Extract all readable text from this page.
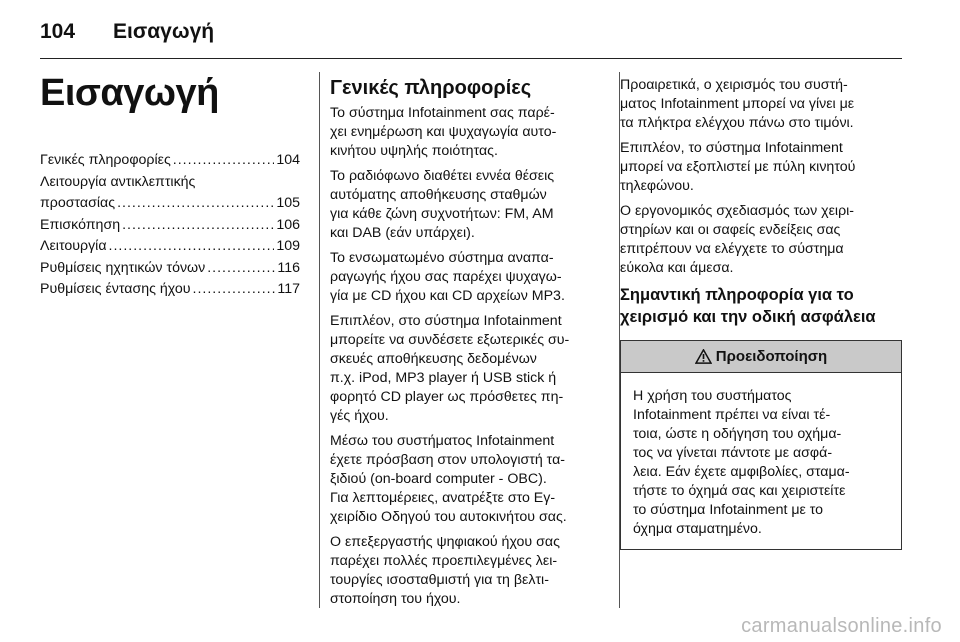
104 Εισαγωγή
Εισαγωγή
Γενικές πληροφορίες .....	104
Λειτουργία αντικλεπτικής
προστασίας .....	105
Επισκόπηση .....	106
Λειτουργία .....	109
Ρυθμίσεις ηχητικών τόνων .....	116
Ρυθμίσεις έντασης ήχου .....	117
Γενικές πληροφορίες
Το σύστημα Infotainment σας παρέ-
χει ενημέρωση και ψυχαγωγία αυτο-
κινήτου υψηλής ποιότητας.
Το ραδιόφωνο διαθέτει εννέα θέσεις
αυτόματης αποθήκευσης σταθμών
για κάθε ζώνη συχνοτήτων: FM, AM
και DAB (εάν υπάρχει).
Το ενσωματωμένο σύστημα αναπα-
ραγωγής ήχου σας παρέχει ψυχαγω-
γία με CD ήχου και CD αρχείων MP3.
Επιπλέον, στο σύστημα Infotainment
μπορείτε να συνδέσετε εξωτερικές συ-
σκευές αποθήκευσης δεδομένων
π.χ. iPod, MP3 player ή USB stick ή
φορητό CD player ως πρόσθετες πη-
γές ήχου.
Μέσω του συστήματος Infotainment
έχετε πρόσβαση στον υπολογιστή τα-
ξιδιού (on-board computer - OBC).
Για λεπτομέρειες, ανατρέξτε στο Εγ-
χειρίδιο Οδηγού του αυτοκινήτου σας.
Ο επεξεργαστής ψηφιακού ήχου σας
παρέχει πολλές προεπιλεγμένες λει-
τουργίες ισοσταθμιστή για τη βελτι-
στοποίηση του ήχου.
Προαιρετικά, ο χειρισμός του συστή-
ματος Infotainment μπορεί να γίνει με
τα πλήκτρα ελέγχου πάνω στο τιμόνι.
Επιπλέον, το σύστημα Infotainment
μπορεί να εξοπλιστεί με πύλη κινητού
τηλεφώνου.
Ο εργονομικός σχεδιασμός των χειρι-
στηρίων και οι σαφείς ενδείξεις σας
επιτρέπουν να ελέγχετε το σύστημα
εύκολα και άμεσα.
Σημαντική πληροφορία για το
χειρισμό και την οδική ασφάλεια
Προειδοποίηση
Η χρήση του συστήματος
Infotainment πρέπει να είναι τέ-
τοια, ώστε η οδήγηση του οχήμα-
τος να γίνεται πάντοτε με ασφά-
λεια. Εάν έχετε αμφιβολίες, σταμα-
τήστε το όχημά σας και χειριστείτε
το σύστημα Infotainment με το
όχημα σταματημένο.
carmanualsonline.info
